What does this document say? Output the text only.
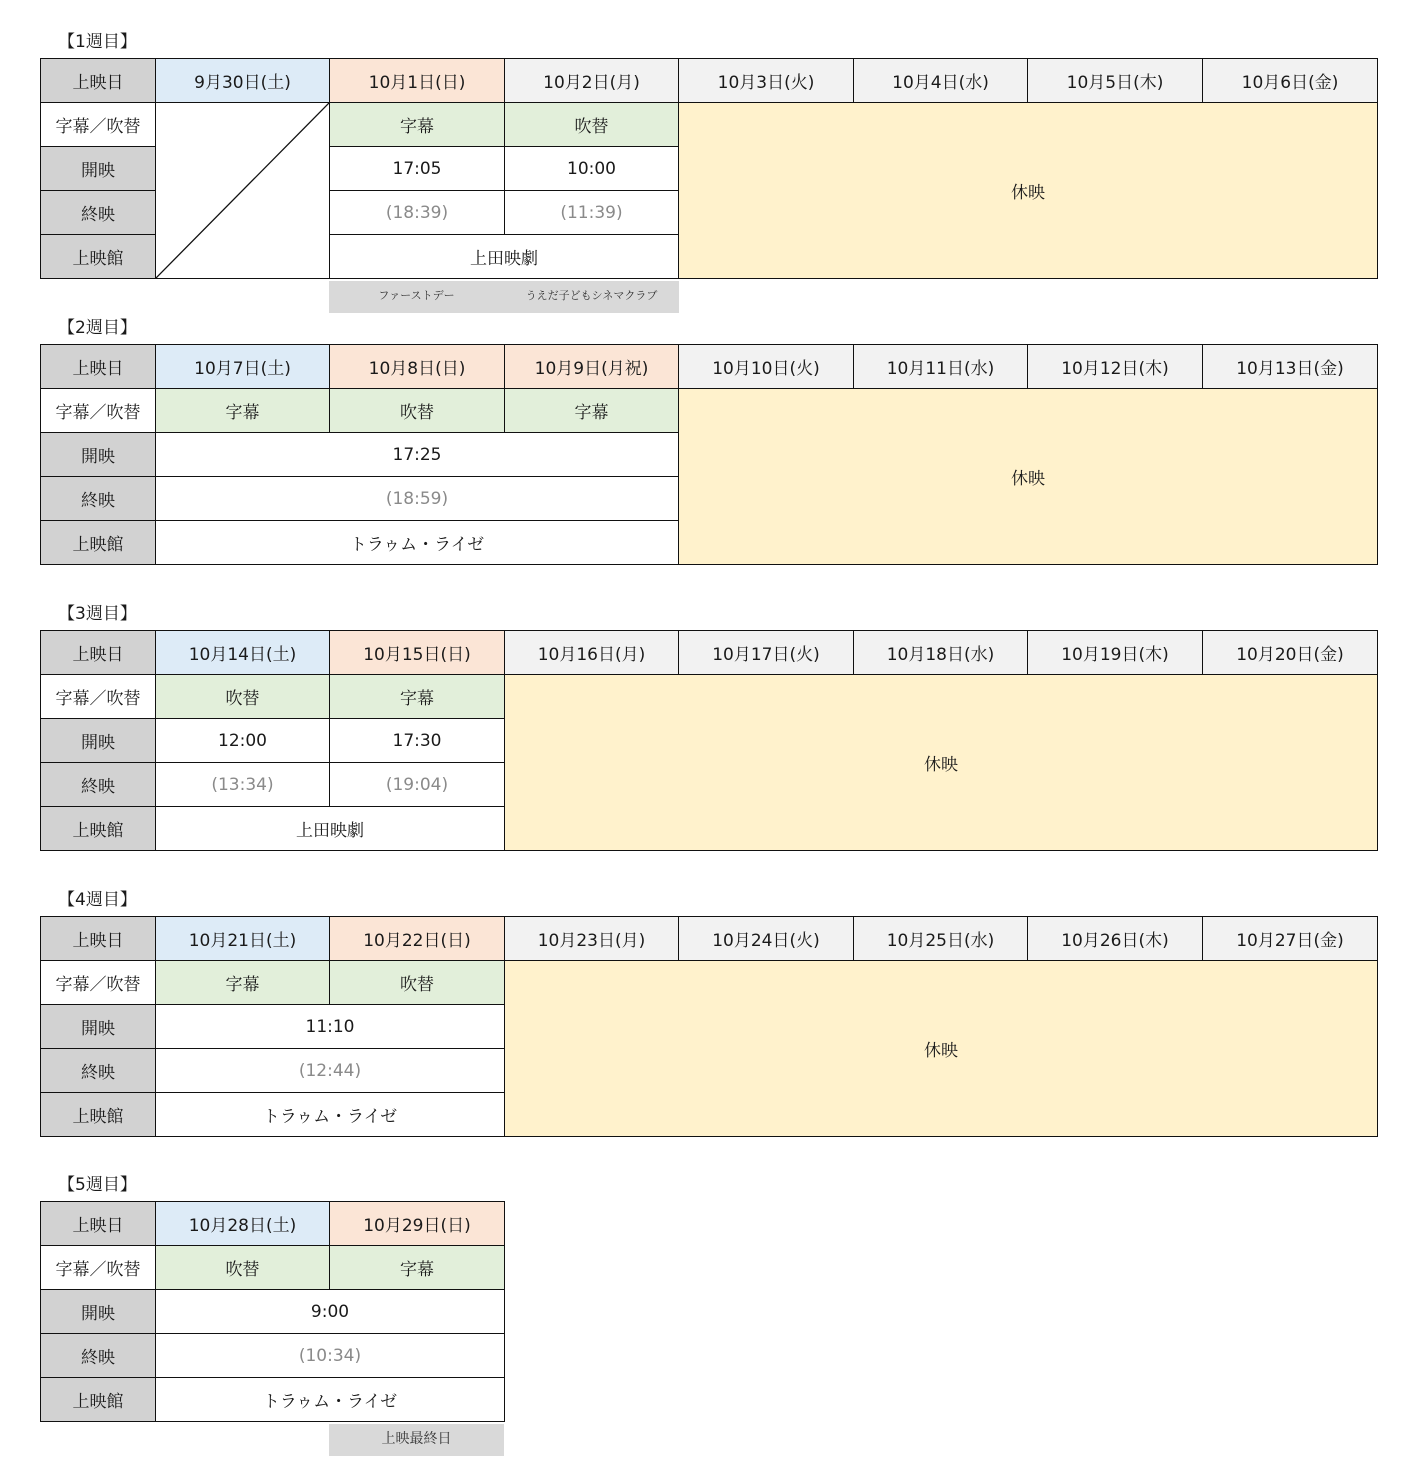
【1週目】
上映日	9月30日(土)	10月1日(日)	10月2日(月)	10月3日(火)	10月4日(水)	10月5日(木)	10月6日(金)
字幕／吹替		字幕	吹替	休映			
開映		17:05	10:00				
終映		(18:39)	(11:39)				
上映館		上田映劇					
ファーストデー	うえだ子どもシネマクラブ
【2週目】
上映日	10月7日(土)	10月8日(日)	10月9日(月祝)	10月10日(火)	10月11日(水)	10月12日(木)	10月13日(金)
字幕／吹替	字幕	吹替	字幕	休映			
開映	17:25						
終映	(18:59)						
上映館	トラゥム・ライゼ						
【3週目】
上映日	10月14日(土)	10月15日(日)	10月16日(月)	10月17日(火)	10月18日(水)	10月19日(木)	10月20日(金)
字幕／吹替	吹替	字幕	休映				
開映	12:00	17:30					
終映	(13:34)	(19:04)					
上映館	上田映劇						
【4週目】
上映日	10月21日(土)	10月22日(日)	10月23日(月)	10月24日(火)	10月25日(水)	10月26日(木)	10月27日(金)
字幕／吹替	字幕	吹替	休映				
開映	11:10						
終映	(12:44)						
上映館	トラゥム・ライゼ						
【5週目】
上映日	10月28日(土)	10月29日(日)
字幕／吹替	吹替	字幕
開映	9:00	
終映	(10:34)	
上映館	トラゥム・ライゼ	
上映最終日
